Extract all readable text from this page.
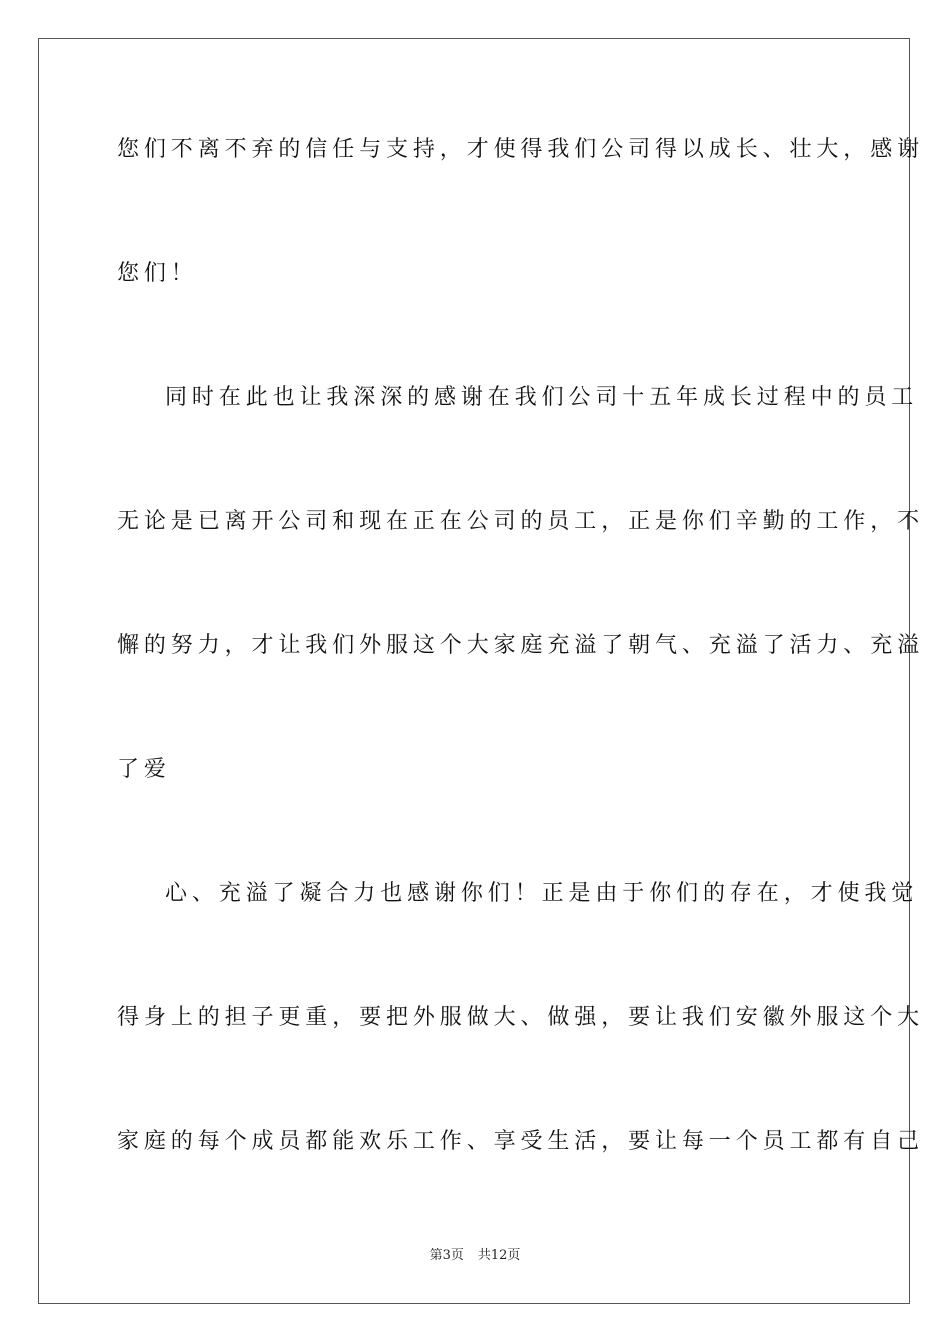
您们不离不弃的信任与支持，才使得我们公司得以成长、壮大，感谢
您们！
同时在此也让我深深的感谢在我们公司十五年成长过程中的员工
无论是已离开公司和现在正在公司的员工，正是你们辛勤的工作，不
懈的努力，才让我们外服这个大家庭充溢了朝气、充溢了活力、充溢
了爱
心、充溢了凝合力也感谢你们！正是由于你们的存在，才使我觉
得身上的担子更重，要把外服做大、做强，要让我们安徽外服这个大
家庭的每个成员都能欢乐工作、享受生活，要让每一个员工都有自己
第3页 共12页
